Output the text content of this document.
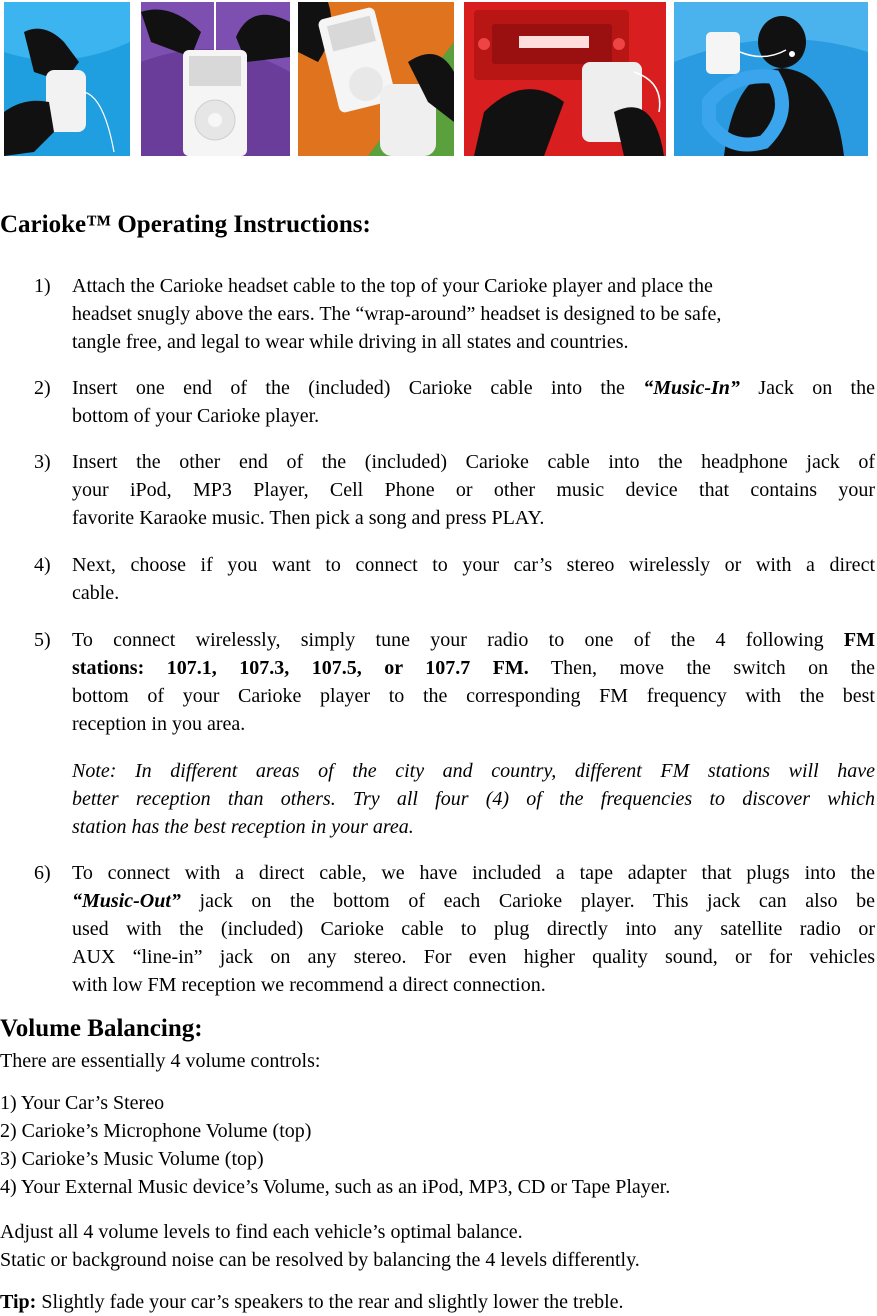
Carioke™ Operating Instructions:
1) Attach the Carioke headset cable to the top of your Carioke player and place the
headset snugly above the ears. The “wrap-around” headset is designed to be safe,
tangle free, and legal to wear while driving in all states and countries.
2) Insert one end of the (included) Carioke cable into the “Music-In” Jack on the
bottom of your Carioke player.
3) Insert the other end of the (included) Carioke cable into the headphone jack of
your iPod, MP3 Player, Cell Phone or other music device that contains your
favorite Karaoke music. Then pick a song and press PLAY.
4) Next, choose if you want to connect to your car’s stereo wirelessly or with a direct
cable.
5) To connect wirelessly, simply tune your radio to one of the 4 following FM
stations: 107.1, 107.3, 107.5, or 107.7 FM. Then, move the switch on the
bottom of your Carioke player to the corresponding FM frequency with the best
reception in you area.
Note: In different areas of the city and country, different FM stations will have
better reception than others. Try all four (4) of the frequencies to discover which
station has the best reception in your area.
6) To connect with a direct cable, we have included a tape adapter that plugs into the
“Music-Out” jack on the bottom of each Carioke player. This jack can also be
used with the (included) Carioke cable to plug directly into any satellite radio or
AUX “line-in” jack on any stereo. For even higher quality sound, or for vehicles
with low FM reception we recommend a direct connection.
Volume Balancing:
There are essentially 4 volume controls:
1) Your Car’s Stereo
2) Carioke’s Microphone Volume (top)
3) Carioke’s Music Volume (top)
4) Your External Music device’s Volume, such as an iPod, MP3, CD or Tape Player.
Adjust all 4 volume levels to find each vehicle’s optimal balance.
Static or background noise can be resolved by balancing the 4 levels differently.
Tip: Slightly fade your car’s speakers to the rear and slightly lower the treble.
